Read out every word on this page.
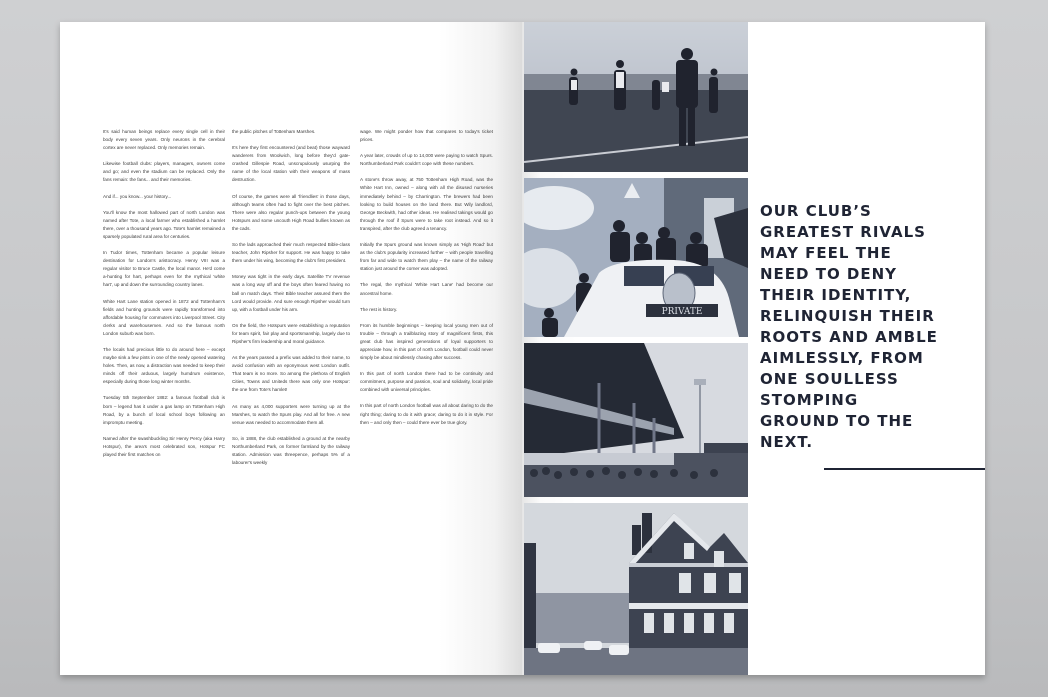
It's said human beings replace every single cell in their body every seven years. Only neurons in the cerebral cortex are never replaced. Only memories remain.

Likewise football clubs: players, managers, owners come and go; and even the stadium can be replaced. Only the fans remain: the fans... and their memories.

And if... you know... your history...

You'll know the most hallowed part of north London was named after Tote, a local farmer who established a hamlet there, over a thousand years ago. Tote's hamlet remained a sparsely populated rural area for centuries.

In Tudor times, Tottenham became a popular leisure destination for London's aristocracy. Henry VIII was a regular visitor to Bruce Castle, the local manor. He'd come a-hunting for hart, perhaps even for the mythical 'white hart', up and down the surrounding country lanes.

White Hart Lane station opened in 1872 and Tottenham's fields and hunting grounds were rapidly transformed into affordable housing for commuters into Liverpool Street. City clerks and warehousemen. And so the famous north London suburb was born.

The locals had precious little to do around here – except maybe sink a few pints in one of the newly opened watering holes. Then, as now, a distraction was needed to keep their minds off their arduous, largely humdrum existence, especially during those long winter months.

Tuesday 5th September 1882: a famous football club is born – legend has it under a gas lamp on Tottenham High Road, by a bunch of local school boys following an impromptu meeting.

Named after the swashbuckling Sir Henry Percy (aka Harry Hotspur), the area's most celebrated son, Hotspur FC played their first matches on

the public pitches of Tottenham Marshes.

It's here they first encountered (and beat) those wayward wanderers from Woolwich, long before they'd gate-crashed Gillespie Road, unscrupulously usurping the name of the local station with their weapons of mass destruction.

Of course, the games were all 'friendlies' in those days, although teams often had to fight over the best pitches. There were also regular punch-ups between the young Hotspurs and some uncouth High Road bullies known as the cads.

So the lads approached their much respected Bible-class teacher, John Ripsher for support. He was happy to take them under his wing, becoming the club's first president.

Money was tight in the early days. Satellite TV revenue was a long way off and the boys often feared having no ball on match days. Their Bible teacher assured them the Lord would provide. And sure enough Ripsher would turn up, with a football under his arm.

On the field, the Hotspurs were establishing a reputation for team spirit, fair play and sportsmanship, largely due to Ripsher's firm leadership and moral guidance.

As the years passed a prefix was added to their name, to avoid confusion with an eponymous west London outfit. That team is no more. So among the plethora of English Cities, Towns and Uniteds there was only one Hotspur: the one from Tote's hamlet!

As many as 4,000 supporters were turning up at the Marshes, to watch the Spurs play. And all for free. A new venue was needed to accommodate them all.

So, in 1888, the club established a ground at the nearby Northumberland Park, on former farmland by the railway station. Admission was threepence, perhaps 5% of a labourer's weekly

wage. We might ponder how that compares to today's ticket prices.

A year later, crowds of up to 14,000 were paying to watch Spurs. Northumberland Park couldn't cope with these numbers.

A stone's throw away, at 750 Tottenham High Road, was the White Hart Inn, owned – along with all the disused nurseries immediately behind – by Charrington. The brewers had been looking to build houses on the land there. But Wily landlord, George Beckwith, had other ideas. He realised takings would go through the roof if Spurs were to take root instead. And so it transpired, after the club agreed a tenancy.

Initially the Spurs ground was known simply as 'High Road' but as the club's popularity increased further – with people travelling from far and wide to watch them play – the name of the railway station just around the corner was adopted.

The regal, the mythical 'White Hart Lane' had become our ancestral home.

The rest is history.

From its humble beginnings – keeping local young men out of trouble – through a trailblazing story of magnificent firsts, this great club has inspired generations of loyal supporters to appreciate how, in this part of north London, football could never simply be about mindlessly chasing after success.

In this part of north London there had to be continuity and commitment, purpose and passion, soul and solidarity, local pride combined with universal principles.

In this part of north London football was all about daring to do the right thing; daring to do it with grace; daring to do it in style. For then – and only then – could there ever be true glory.

PRIVATE
OUR CLUB’S
GREATEST RIVALS
MAY FEEL THE
NEED TO DENY
THEIR IDENTITY,
RELINQUISH THEIR
ROOTS AND AMBLE
AIMLESSLY, FROM
ONE SOULLESS
STOMPING
GROUND TO THE
NEXT.
